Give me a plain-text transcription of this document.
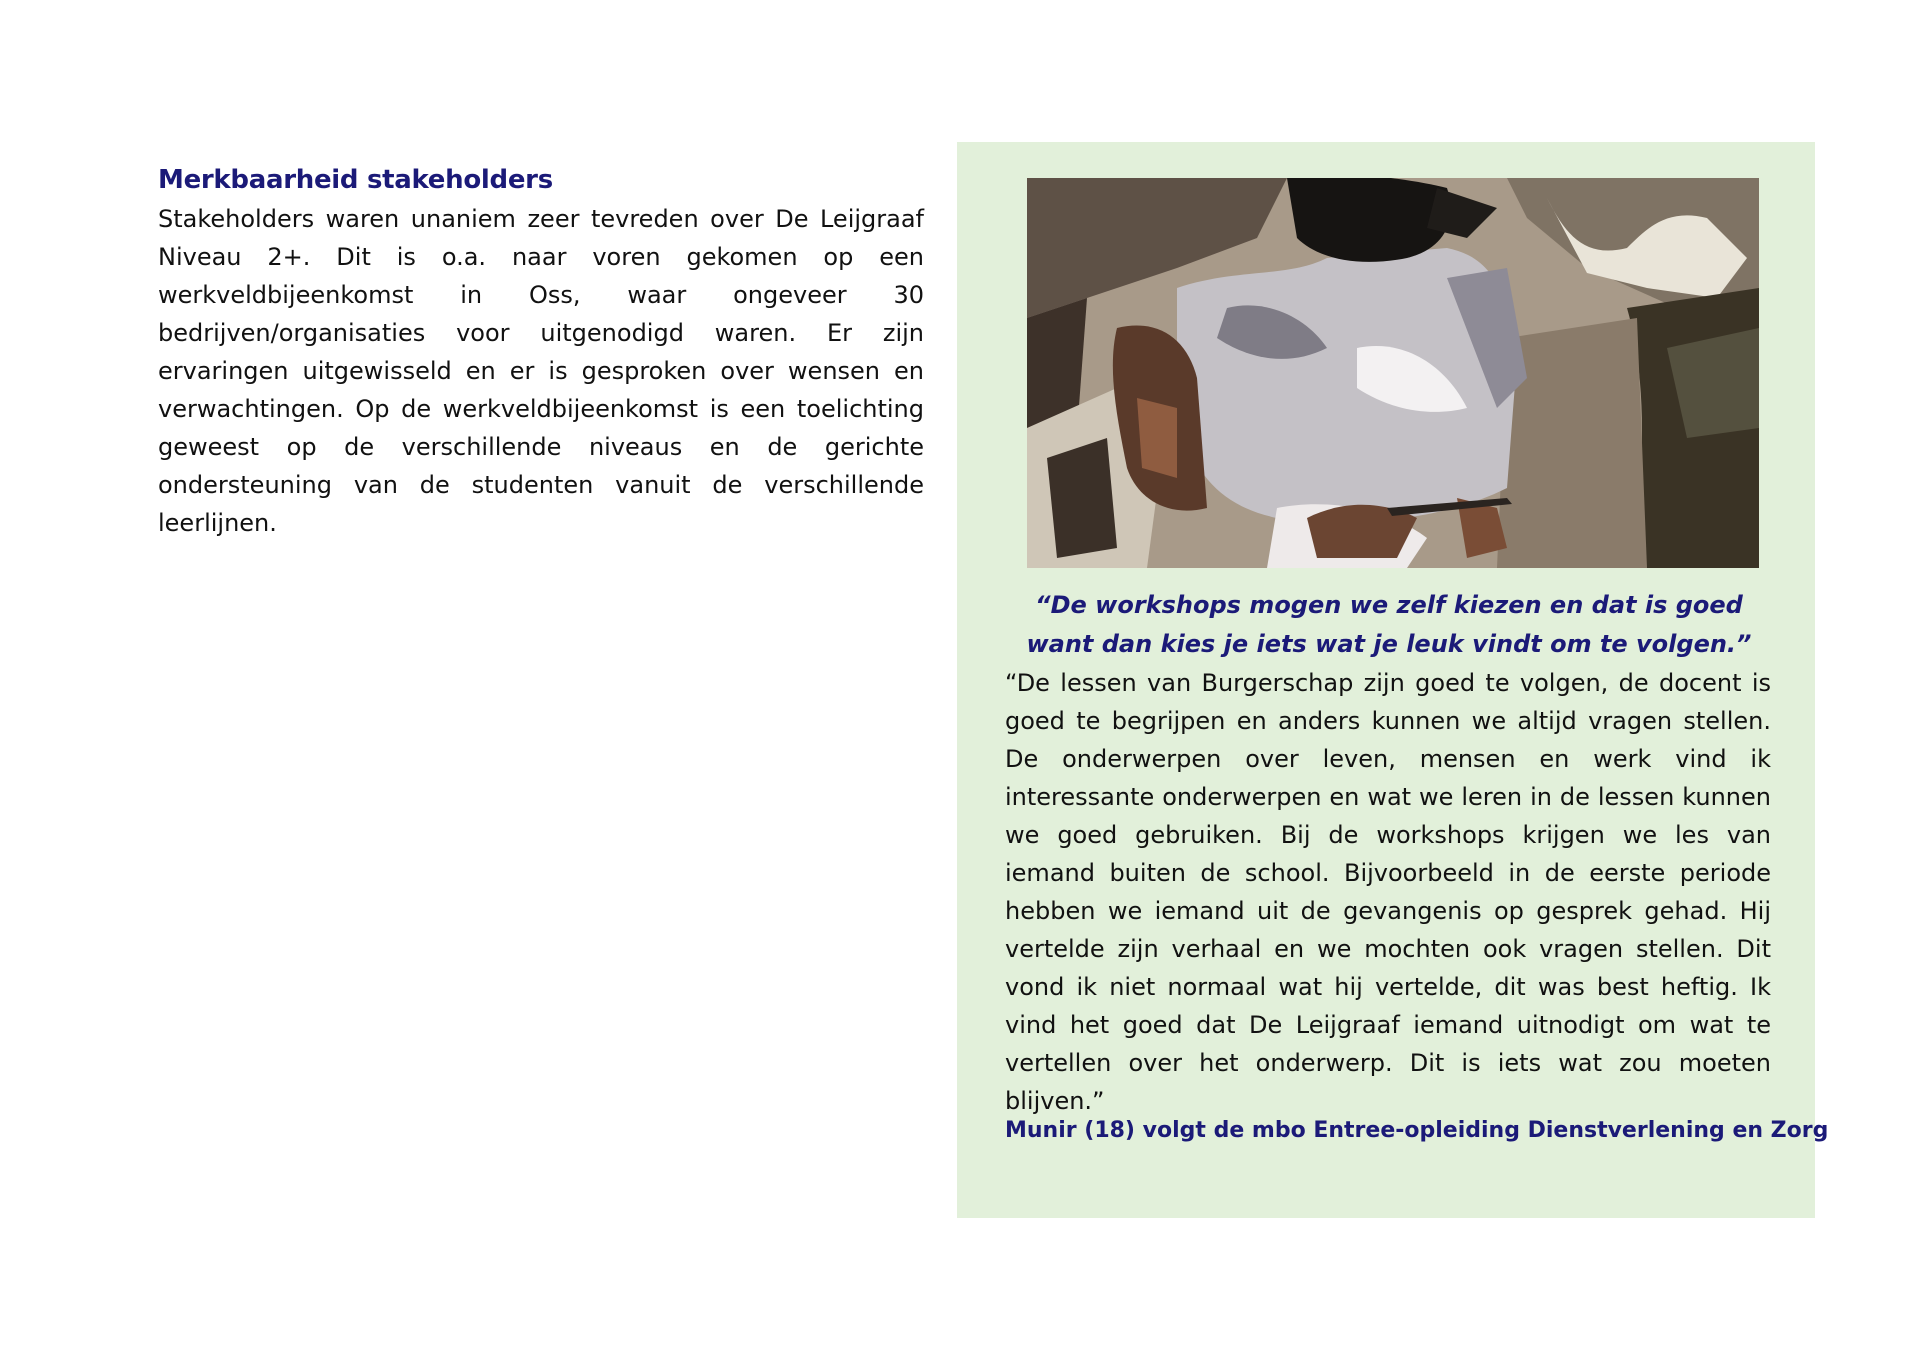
Merkbaarheid stakeholders

Stakeholders waren unaniem zeer tevreden over De Leijgraaf Niveau 2+. Dit is o.a. naar voren gekomen op een werkveldbijeenkomst in Oss, waar ongeveer 30 bedrijven/organisaties voor uitgenodigd waren. Er zijn ervaringen uitgewisseld en er is gesproken over wensen en verwachtingen. Op de werkveldbijeenkomst is een toelichting geweest op de verschillende niveaus en de gerichte ondersteuning van de studenten vanuit de verschillende leerlijnen.

“De workshops mogen we zelf kiezen en dat is goed want dan kies je iets wat je leuk vindt om te volgen.”

“De lessen van Burgerschap zijn goed te volgen, de docent is goed te begrijpen en anders kunnen we altijd vragen stellen. De onderwerpen over leven, mensen en werk vind ik interessante onderwerpen en wat we leren in de lessen kunnen we goed gebruiken. Bij de workshops krijgen we les van iemand buiten de school. Bijvoorbeeld in de eerste periode hebben we iemand uit de gevangenis op gesprek gehad. Hij vertelde zijn verhaal en we mochten ook vragen stellen. Dit vond ik niet normaal wat hij vertelde, dit was best heftig. Ik vind het goed dat De Leijgraaf iemand uitnodigt om wat te vertellen over het onderwerp. Dit is iets wat zou moeten blijven.”

Munir (18) volgt de mbo Entree-opleiding Dienstverlening en Zorg
